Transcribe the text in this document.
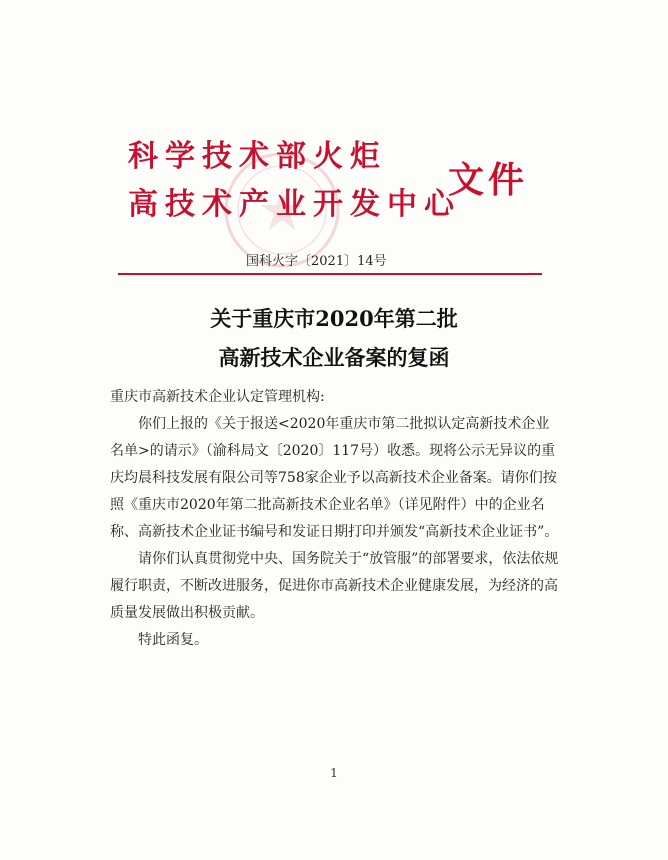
科学技术部火炬
高技术产业开发中心
文件
国科火字〔2021〕14号
关于重庆市2020年第二批
高新技术企业备案的复函

重庆市高新技术企业认定管理机构:

你们上报的《关于报送<2020年重庆市第二批拟认定高新技术企业名单>的请示》（渝科局文〔2020〕117号）收悉。现将公示无异议的重庆均晨科技发展有限公司等758家企业予以高新技术企业备案。请你们按照《重庆市2020年第二批高新技术企业名单》（详见附件）中的企业名称、高新技术企业证书编号和发证日期打印并颁发“高新技术企业证书”。

请你们认真贯彻党中央、国务院关于“放管服”的部署要求，依法依规履行职责，不断改进服务，促进你市高新技术企业健康发展，为经济的高质量发展做出积极贡献。

特此函复。

1
